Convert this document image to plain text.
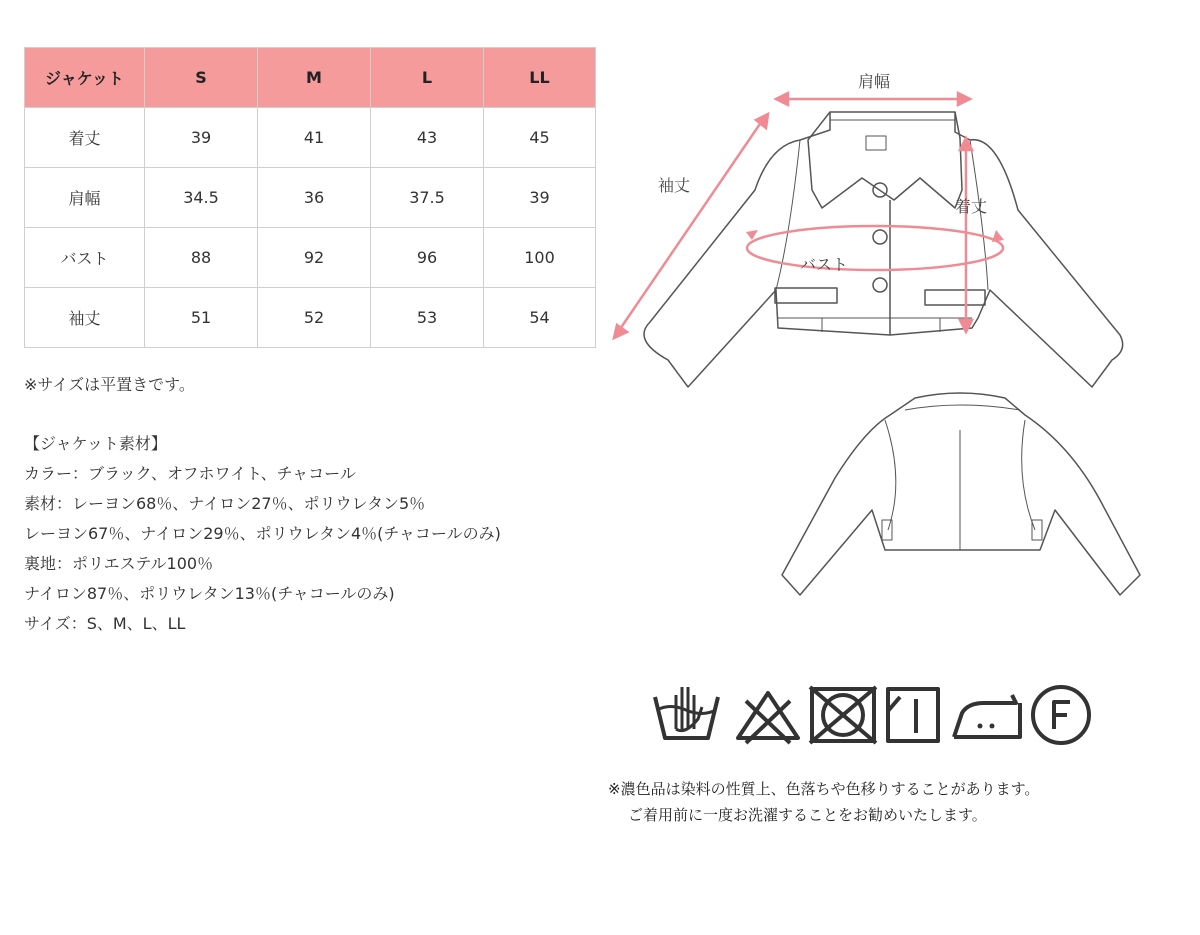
ジャケット	S	M	L	LL
着丈	39	41	43	45
肩幅	34.5	36	37.5	39
バスト	88	92	96	100
袖丈	51	52	53	54
※サイズは平置きです。
【ジャケット素材】
カラー：ブラック、オフホワイト、チャコール
素材：レーヨン68％、ナイロン27％、ポリウレタン5％
レーヨン67％、ナイロン29％、ポリウレタン4％(チャコールのみ)
裏地：ポリエステル100％
ナイロン87％、ポリウレタン13％(チャコールのみ)
サイズ：S、M、L、LL
肩幅
袖丈
着丈
バスト
※濃色品は染料の性質上、色落ちや色移りすることがあります。
ご着用前に一度お洗濯することをお勧めいたします。
